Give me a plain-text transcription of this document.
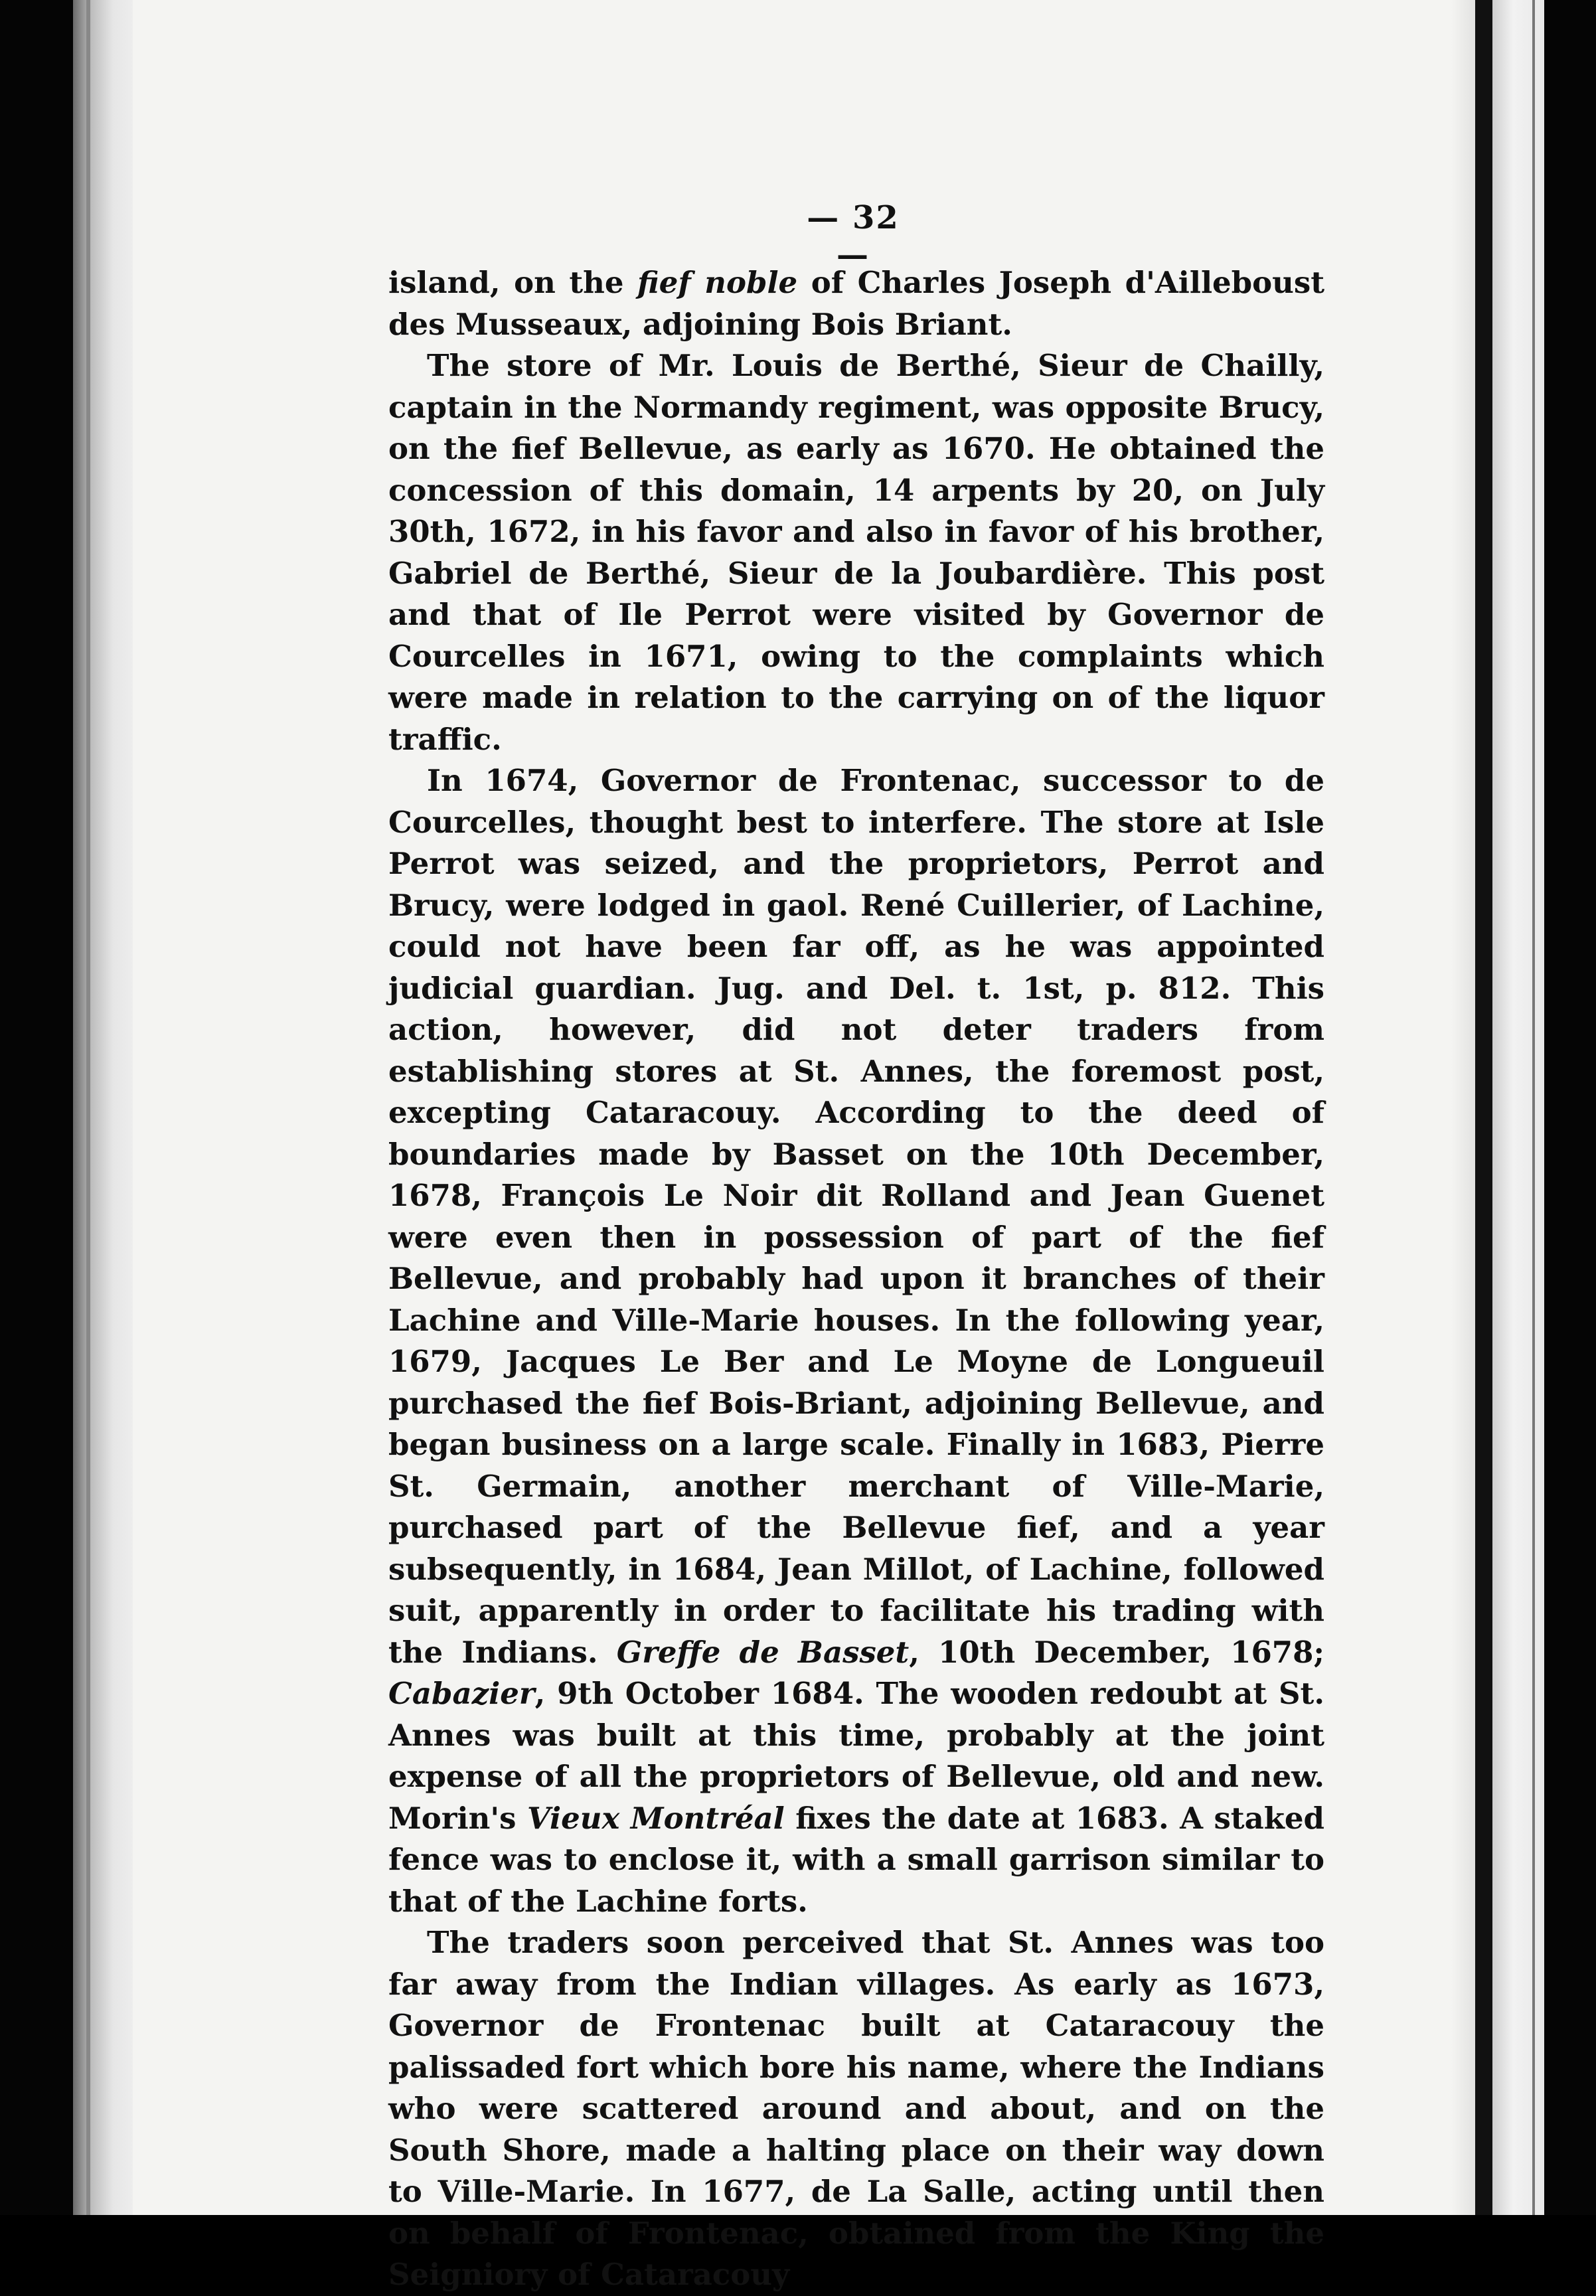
— 32 —

island, on the fief noble of Charles Joseph d'Ailleboust des Musseaux, adjoining Bois Briant.

The store of Mr. Louis de Berthé, Sieur de Chailly, captain in the Normandy regiment, was opposite Brucy, on the fief Bellevue, as early as 1670. He obtained the concession of this domain, 14 arpents by 20, on July 30th, 1672, in his favor and also in favor of his brother, Gabriel de Berthé, Sieur de la Joubardière. This post and that of Ile Perrot were visited by Governor de Courcelles in 1671, owing to the complaints which were made in relation to the carrying on of the liquor traffic.

In 1674, Governor de Frontenac, successor to de Courcelles, thought best to interfere. The store at Isle Perrot was seized, and the proprietors, Perrot and Brucy, were lodged in gaol. René Cuillerier, of Lachine, could not have been far off, as he was appointed judicial guardian. Jug. and Del. t. 1st, p. 812. This action, however, did not deter traders from establishing stores at St. Annes, the foremost post, excepting Cataracouy. According to the deed of boundaries made by Basset on the 10th December, 1678, François Le Noir dit Rolland and Jean Guenet were even then in possession of part of the fief Bellevue, and probably had upon it branches of their Lachine and Ville-Marie houses. In the following year, 1679, Jacques Le Ber and Le Moyne de Longueuil purchased the fief Bois-Briant, adjoining Bellevue, and began business on a large scale. Finally in 1683, Pierre St. Germain, another merchant of Ville-Marie, purchased part of the Bellevue fief, and a year subsequently, in 1684, Jean Millot, of Lachine, followed suit, apparently in order to facilitate his trading with the Indians. Greffe de Basset, 10th December, 1678; Cabazier, 9th October 1684. The wooden redoubt at St. Annes was built at this time, probably at the joint expense of all the proprietors of Bellevue, old and new. Morin's Vieux Montréal fixes the date at 1683. A staked fence was to enclose it, with a small garrison similar to that of the Lachine forts.

The traders soon perceived that St. Annes was too far away from the Indian villages. As early as 1673, Governor de Frontenac built at Cataracouy the palissaded fort which bore his name, where the Indians who were scattered around and about, and on the South Shore, made a halting place on their way down to Ville-Marie. In 1677, de La Salle, acting until then on behalf of Frontenac, obtained from the King the Seigniory of Cataracouy
